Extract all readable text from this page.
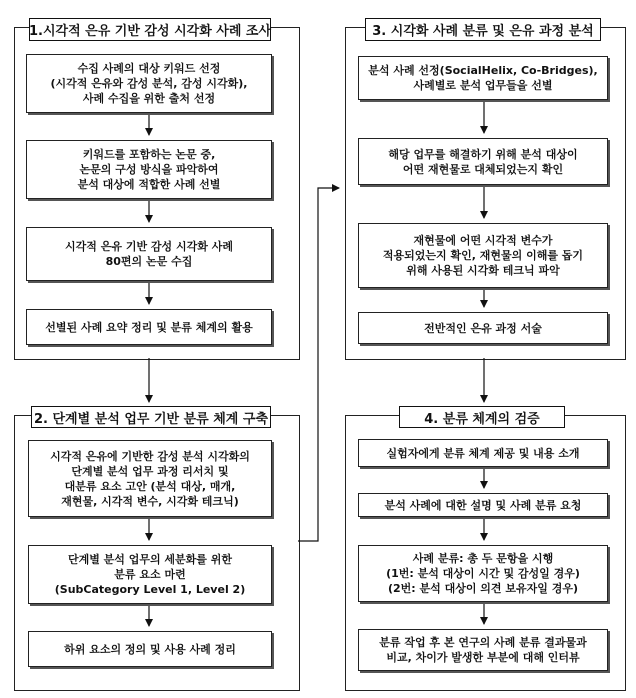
1.시각적 은유 기반 감성 시각화 사례 조사
2. 단계별 분석 업무 기반 분류 체계 구축
3. 시각화 사례 분류 및 은유 과정 분석
4. 분류 체계의 검증
수집 사례의 대상 키워드 선정
(시각적 은유와 감성 분석, 감성 시각화),
사례 수집을 위한 출처 선정
키워드를 포함하는 논문 중,
논문의 구성 방식을 파악하여
분석 대상에 적합한 사례 선별
시각적 은유 기반 감성 시각화 사례
80편의 논문 수집
선별된 사례 요약 정리 및 분류 체계의 활용
시각적 은유에 기반한 감성 분석 시각화의
단계별 분석 업무 과정 리서치 및
대분류 요소 고안 (분석 대상, 매개,
재현물, 시각적 변수, 시각화 테크닉)
단계별 분석 업무의 세분화를 위한
분류 요소 마련
(SubCategory Level 1, Level 2)
하위 요소의 정의 및 사용 사례 정리
분석 사례 선정(SocialHelix, Co-Bridges),
사례별로 분석 업무들을 선별
해당 업무를 해결하기 위해 분석 대상이
어떤 재현물로 대체되었는지 확인
재현물에 어떤 시각적 변수가
적용되었는지 확인, 재현물의 이해를 돕기
위해 사용된 시각화 테크닉 파악
전반적인 은유 과정 서술
실험자에게 분류 체계 제공 및 내용 소개
분석 사례에 대한 설명 및 사례 분류 요청
사례 분류: 총 두 문항을 시행
(1번: 분석 대상이 시간 및 감성일 경우)
(2번: 분석 대상이 의견 보유자일 경우)
분류 작업 후 본 연구의 사례 분류 결과물과
비교, 차이가 발생한 부분에 대해 인터뷰
